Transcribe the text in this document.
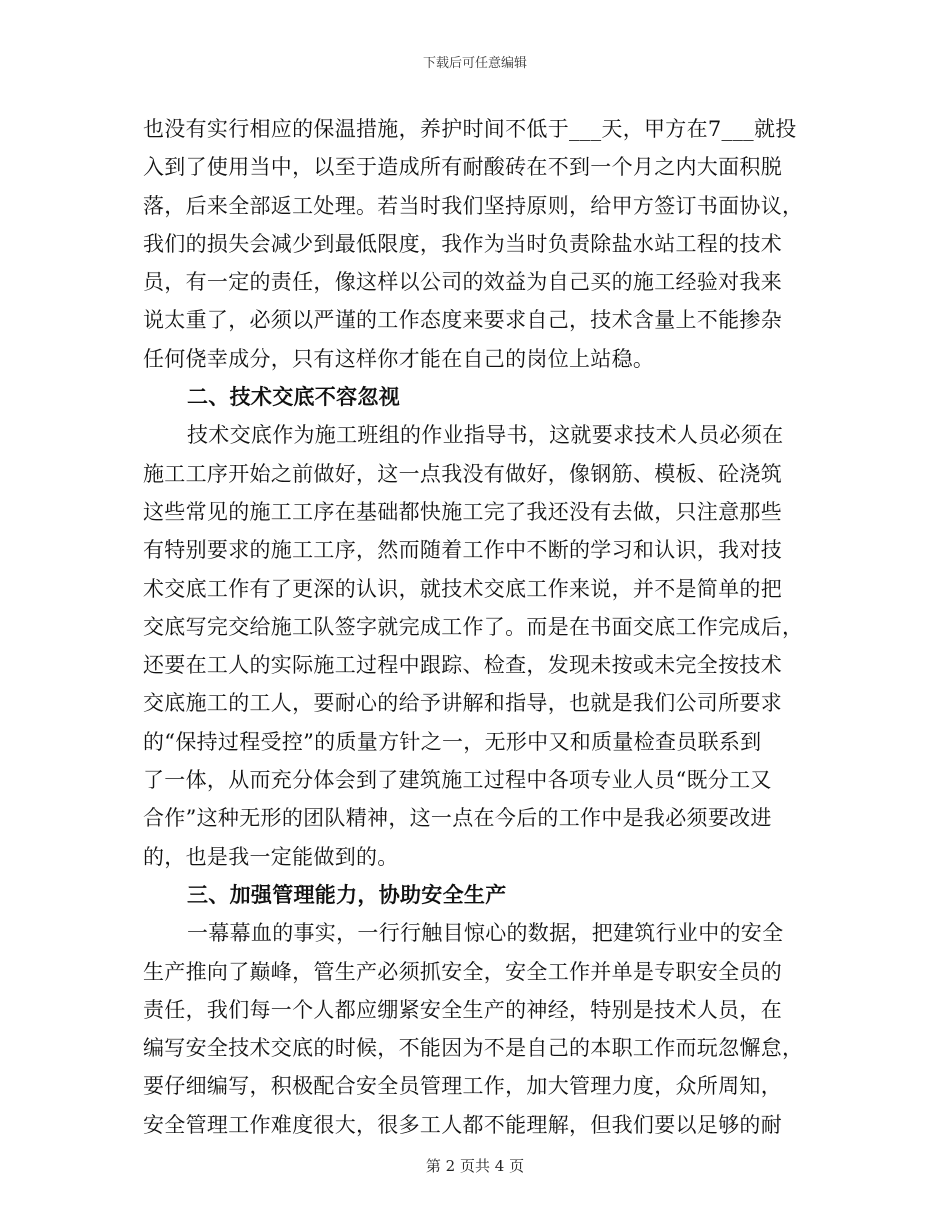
下载后可任意编辑
也没有实行相应的保温措施，养护时间不低于___天，甲方在7___就投
入到了使用当中，以至于造成所有耐酸砖在不到一个月之内大面积脱
落，后来全部返工处理。若当时我们坚持原则，给甲方签订书面协议，
我们的损失会减少到最低限度，我作为当时负责除盐水站工程的技术
员，有一定的责任，像这样以公司的效益为自己买的施工经验对我来
说太重了，必须以严谨的工作态度来要求自己，技术含量上不能掺杂
任何侥幸成分，只有这样你才能在自己的岗位上站稳。
二、技术交底不容忽视
技术交底作为施工班组的作业指导书，这就要求技术人员必须在
施工工序开始之前做好，这一点我没有做好，像钢筋、模板、砼浇筑
这些常见的施工工序在基础都快施工完了我还没有去做，只注意那些
有特别要求的施工工序，然而随着工作中不断的学习和认识，我对技
术交底工作有了更深的认识，就技术交底工作来说，并不是简单的把
交底写完交给施工队签字就完成工作了。而是在书面交底工作完成后，
还要在工人的实际施工过程中跟踪、检查，发现未按或未完全按技术
交底施工的工人，要耐心的给予讲解和指导，也就是我们公司所要求
的“保持过程受控”的质量方针之一，无形中又和质量检查员联系到
了一体，从而充分体会到了建筑施工过程中各项专业人员“既分工又
合作”这种无形的团队精神，这一点在今后的工作中是我必须要改进
的，也是我一定能做到的。
三、加强管理能力，协助安全生产
一幕幕血的事实，一行行触目惊心的数据，把建筑行业中的安全
生产推向了巅峰，管生产必须抓安全，安全工作并单是专职安全员的
责任，我们每一个人都应绷紧安全生产的神经，特别是技术人员，在
编写安全技术交底的时候，不能因为不是自己的本职工作而玩忽懈怠，
要仔细编写，积极配合安全员管理工作，加大管理力度，众所周知，
安全管理工作难度很大，很多工人都不能理解，但我们要以足够的耐
第 2 页共 4 页
